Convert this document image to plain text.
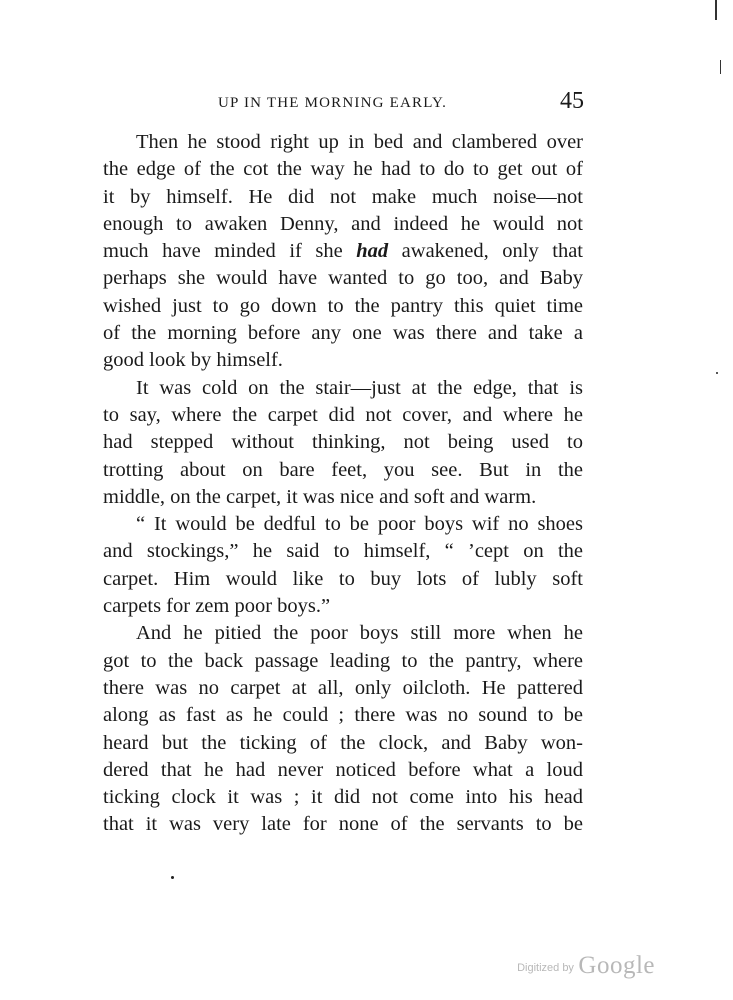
UP IN THE MORNING EARLY.	45
Then he stood right up in bed and clambered over
the edge of the cot the way he had to do to get out of
it by himself. He did not make much noise—not
enough to awaken Denny, and indeed he would not
much have minded if she had awakened, only that
perhaps she would have wanted to go too, and Baby
wished just to go down to the pantry this quiet time
of the morning before any one was there and take a
good look by himself.
It was cold on the stair—just at the edge, that is
to say, where the carpet did not cover, and where he
had stepped without thinking, not being used to
trotting about on bare feet, you see. But in the
middle, on the carpet, it was nice and soft and warm.
“ It would be dedful to be poor boys wif no shoes
and stockings,” he said to himself, “ ’cept on the
carpet. Him would like to buy lots of lubly soft
carpets for zem poor boys.”
And he pitied the poor boys still more when he
got to the back passage leading to the pantry, where
there was no carpet at all, only oilcloth. He pattered
along as fast as he could ; there was no sound to be
heard but the ticking of the clock, and Baby won-
dered that he had never noticed before what a loud
ticking clock it was ; it did not come into his head
that it was very late for none of the servants to be
Digitized by Google
